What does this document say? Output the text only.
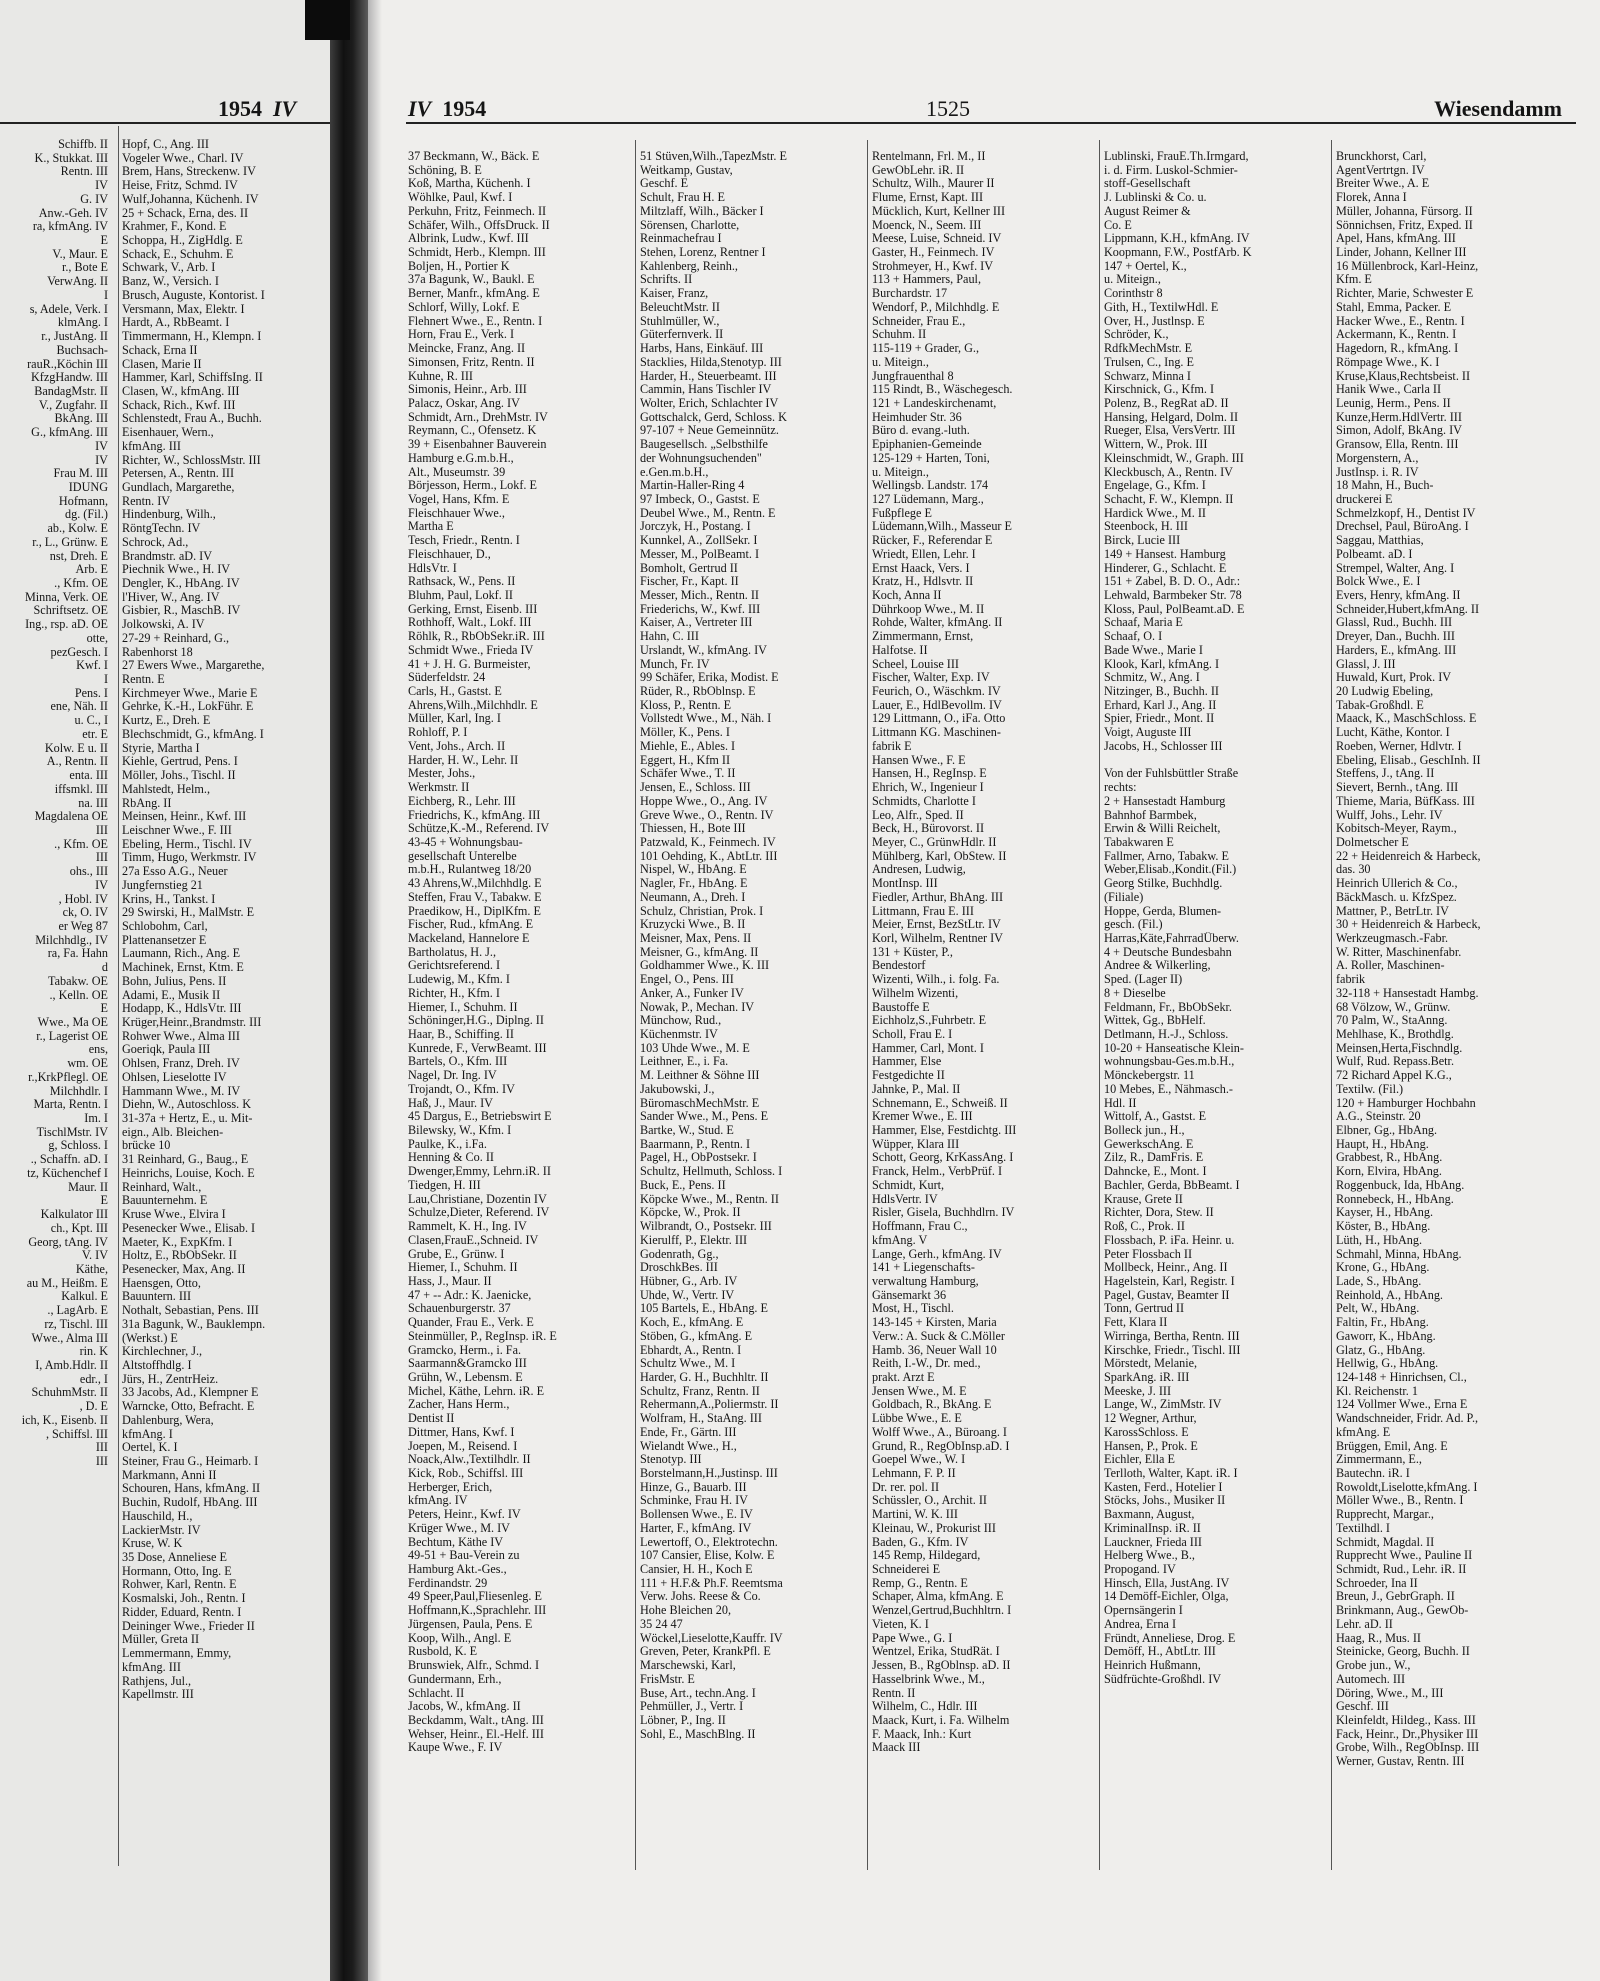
1954 IV
Schiffb. II
K., Stukkat. III
Rentn. III
IV
G. IV
Anw.-Geh. IV
ra, kfmAng. IV
E
V., Maur. E
r., Bote E
VerwAng. II
I
s, Adele, Verk. I
klmAng. I
r., JustAng. II
Buchsach-
rauR.,Köchin III
KfzgHandw. III
BandagMstr. II
V., Zugfahr. II
BkAng. III
G., kfmAng. III
IV
IV
Frau M. III
IDUNG
Hofmann,
dg. (Fil.)
ab., Kolw. E
r., L., Grünw. E
nst, Dreh. E
Arb. E
., Kfm. OE
Minna, Verk. OE
Schriftsetz. OE
Ing., rsp. aD. OE
otte,
pezGesch. I
Kwf. I
I
Pens. I
ene, Näh. II
u. C., I
etr. E
Kolw. E u. II
A., Rentn. II
enta. III
iffsmkl. III
na. III
Magdalena OE
III
., Kfm. OE
III
ohs., III
IV
, Hobl. IV
ck, O. IV
er Weg 87
Milchhdlg., IV
ra, Fa. Hahn
d
Tabakw. OE
., Kelln. OE
E
Wwe., Ma OE
r., Lagerist OE
ens,
wm. OE
r.,KrkPflegl. OE
Milchhdlr. I
Marta, Rentn. I
Im. I
TischlMstr. IV
g, Schloss. I
., Schaffn. aD. I
tz, Küchenchef I
Maur. II
E
Kalkulator III
ch., Kpt. III
Georg, tAng. IV
V. IV
Käthe,
au M., Heißm. E
Kalkul. E
., LagArb. E
rz, Tischl. III
Wwe., Alma III
rin. K
I, Amb.Hdlr. II
edr., I
SchuhmMstr. II
, D. E
ich, K., Eisenb. II
, Schiffsl. III
III
III
Hopf, C., Ang. III
Vogeler Wwe., Charl. IV
Brem, Hans, Streckenw. IV
Heise, Fritz, Schmd. IV
Wulf,Johanna, Küchenh. IV
25 + Schack, Erna, des. II
Krahmer, F., Kond. E
Schoppa, H., ZigHdlg. E
Schack, E., Schuhm. E
Schwark, V., Arb. I
Banz, W., Versich. I
Brusch, Auguste, Kontorist. I
Versmann, Max, Elektr. I
Hardt, A., RbBeamt. I
Timmermann, H., Klempn. I
Schack, Erna II
Clasen, Marie II
Hammer, Karl, SchiffsIng. II
Clasen, W., kfmAng. III
Schack, Rich., Kwf. III
Schlenstedt, Frau A., Buchh.
Eisenhauer, Wern.,
kfmAng. III
Richter, W., SchlossMstr. III
Petersen, A., Rentn. III
Gundlach, Margarethe,
Rentn. IV
Hindenburg, Wilh.,
RöntgTechn. IV
Schrock, Ad.,
Brandmstr. aD. IV
Piechnik Wwe., H. IV
Dengler, K., HbAng. IV
l'Hiver, W., Ang. IV
Gisbier, R., MaschB. IV
Jolkowski, A. IV
27-29 + Reinhard, G.,
Rabenhorst 18
27 Ewers Wwe., Margarethe,
Rentn. E
Kirchmeyer Wwe., Marie E
Gehrke, K.-H., LokFühr. E
Kurtz, E., Dreh. E
Blechschmidt, G., kfmAng. I
Styrie, Martha I
Kiehle, Gertrud, Pens. I
Möller, Johs., Tischl. II
Mahlstedt, Helm.,
RbAng. II
Meinsen, Heinr., Kwf. III
Leischner Wwe., F. III
Ebeling, Herm., Tischl. IV
Timm, Hugo, Werkmstr. IV
27a Esso A.G., Neuer
Jungfernstieg 21
Krins, H., Tankst. I
29 Swirski, H., MalMstr. E
Schlobohm, Carl,
Plattenansetzer E
Laumann, Rich., Ang. E
Machinek, Ernst, Ktm. E
Bohn, Julius, Pens. II
Adami, E., Musik II
Hodapp, K., HdlsVtr. III
Krüger,Heinr.,Brandmstr. III
Rohwer Wwe., Alma III
Goeriqk, Paula III
Ohlsen, Franz, Dreh. IV
Ohlsen, Lieselotte IV
Hammann Wwe., M. IV
Diehn, W., Autoschloss. K
31-37a + Hertz, E., u. Mit-
eign., Alb. Bleichen-
brücke 10
31 Reinhard, G., Baug., E
Heinrichs, Louise, Koch. E
Reinhard, Walt.,
Bauunternehm. E
Kruse Wwe., Elvira I
Pesenecker Wwe., Elisab. I
Maeter, K., ExpKfm. I
Holtz, E., RbObSekr. II
Pesenecker, Max, Ang. II
Haensgen, Otto,
Bauuntern. III
Nothalt, Sebastian, Pens. III
31a Bagunk, W., Bauklempn.
(Werkst.) E
Kirchlechner, J.,
Altstoffhdlg. I
Jürs, H., ZentrHeiz.
33 Jacobs, Ad., Klempner E
Warncke, Otto, Befracht. E
Dahlenburg, Wera,
kfmAng. I
Oertel, K. I
Steiner, Frau G., Heimarb. I
Markmann, Anni II
Schouren, Hans, kfmAng. II
Buchin, Rudolf, HbAng. III
Hauschild, H.,
LackierMstr. IV
Kruse, W. K
35 Dose, Anneliese E
Hormann, Otto, Ing. E
Rohwer, Karl, Rentn. E
Kosmalski, Joh., Rentn. I
Ridder, Eduard, Rentn. I
Deininger Wwe., Frieder II
Müller, Greta II
Lemmermann, Emmy,
kfmAng. III
Rathjens, Jul.,
Kapellmstr. III
IV 1954	1525	Wiesendamm
37 Beckmann, W., Bäck. E
Schöning, B. E
Koß, Martha, Küchenh. I
Wöhlke, Paul, Kwf. I
Perkuhn, Fritz, Feinmech. II
Schäfer, Wilh., OffsDruck. II
Albrink, Ludw., Kwf. III
Schmidt, Herb., Klempn. III
Boljen, H., Portier K
37a Bagunk, W., Baukl. E
Berner, Manfr., kfmAng. E
Schlorf, Willy, Lokf. E
Flehnert Wwe., E., Rentn. I
Horn, Frau E., Verk. I
Meincke, Franz, Ang. II
Simonsen, Fritz, Rentn. II
Kuhne, R. III
Simonis, Heinr., Arb. III
Palacz, Oskar, Ang. IV
Schmidt, Arn., DrehMstr. IV
Reymann, C., Ofensetz. K
39 + Eisenbahner Bauverein
Hamburg e.G.m.b.H.,
Alt., Museumstr. 39
Börjesson, Herm., Lokf. E
Vogel, Hans, Kfm. E
Fleischhauer Wwe.,
Martha E
Tesch, Friedr., Rentn. I
Fleischhauer, D.,
HdlsVtr. I
Rathsack, W., Pens. II
Bluhm, Paul, Lokf. II
Gerking, Ernst, Eisenb. III
Rothhoff, Walt., Lokf. III
Röhlk, R., RbObSekr.iR. III
Schmidt Wwe., Frieda IV
41 + J. H. G. Burmeister,
Süderfeldstr. 24
Carls, H., Gastst. E
Ahrens,Wilh.,Milchhdlr. E
Müller, Karl, Ing. I
Rohloff, P. I
Vent, Johs., Arch. II
Harder, H. W., Lehr. II
Mester, Johs.,
Werkmstr. II
Eichberg, R., Lehr. III
Friedrichs, K., kfmAng. III
Schütze,K.-M., Referend. IV
43-45 + Wohnungsbau-
gesellschaft Unterelbe
m.b.H., Rulantweg 18/20
43 Ahrens,W.,Milchhdlg. E
Steffen, Frau V., Tabakw. E
Praedikow, H., DiplKfm. E
Fischer, Rud., kfmAng. E
Mackeland, Hannelore E
Bartholatus, H. J.,
Gerichtsreferend. I
Ludewig, M., Kfm. I
Richter, H., Kfm. I
Hiemer, I., Schuhm. II
Schöninger,H.G., Diplng. II
Haar, B., Schiffing. II
Kunrede, F., VerwBeamt. III
Bartels, O., Kfm. III
Nagel, Dr. Ing. IV
Trojandt, O., Kfm. IV
Haß, J., Maur. IV
45 Dargus, E., Betriebswirt E
Bilewsky, W., Kfm. I
Paulke, K., i.Fa.
Henning & Co. II
Dwenger,Emmy, Lehrn.iR. II
Tiedgen, H. III
Lau,Christiane, Dozentin IV
Schulze,Dieter, Referend. IV
Rammelt, K. H., Ing. IV
Clasen,FrauE.,Schneid. IV
Grube, E., Grünw. I
Hiemer, I., Schuhm. II
Hass, J., Maur. II
47 + -- Adr.: K. Jaenicke,
Schauenburgerstr. 37
Quander, Frau E., Verk. E
Steinmüller, P., RegInsp. iR. E
Gramcko, Herm., i. Fa.
Saarmann&Gramcko III
Grühn, W., Lebensm. E
Michel, Käthe, Lehrn. iR. E
Zacher, Hans Herm.,
Dentist II
Dittmer, Hans, Kwf. I
Joepen, M., Reisend. I
Noack,Alw.,Textilhdlr. II
Kick, Rob., Schiffsl. III
Herberger, Erich,
kfmAng. IV
Peters, Heinr., Kwf. IV
Krüger Wwe., M. IV
Bechtum, Käthe IV
49-51 + Bau-Verein zu
Hamburg Akt.-Ges.,
Ferdinandstr. 29
49 Speer,Paul,Fliesenleg. E
Hoffmann,K.,Sprachlehr. III
Jürgensen, Paula, Pens. E
Koop, Wilh., Angl. E
Rusbold, K. E
Brunswiek, Alfr., Schmd. I
Gundermann, Erh.,
Schlacht. II
Jacobs, W., kfmAng. II
Beckdamm, Walt., tAng. III
Wehser, Heinr., El.-Helf. III
Kaupe Wwe., F. IV
51 Stüven,Wilh.,TapezMstr. E
Weitkamp, Gustav,
Geschf. E
Schult, Frau H. E
Miltzlaff, Wilh., Bäcker I
Sörensen, Charlotte,
Reinmachefrau I
Stehen, Lorenz, Rentner I
Kahlenberg, Reinh.,
Schrifts. II
Kaiser, Franz,
BeleuchtMstr. II
Stuhlmüller, W.,
Güterfernverk. II
Harbs, Hans, Einkäuf. III
Stacklies, Hilda,Stenotyp. III
Harder, H., Steuerbeamt. III
Cammin, Hans Tischler IV
Wolter, Erich, Schlachter IV
Gottschalck, Gerd, Schloss. K
97-107 + Neue Gemeinnütz.
Baugesellsch. „Selbsthilfe
der Wohnungsuchenden"
e.Gen.m.b.H.,
Martin-Haller-Ring 4
97 Imbeck, O., Gastst. E
Deubel Wwe., M., Rentn. E
Jorczyk, H., Postang. I
Kunnkel, A., ZollSekr. I
Messer, M., PolBeamt. I
Bomholt, Gertrud II
Fischer, Fr., Kapt. II
Messer, Mich., Rentn. II
Friederichs, W., Kwf. III
Kaiser, A., Vertreter III
Hahn, C. III
Urslandt, W., kfmAng. IV
Munch, Fr. IV
99 Schäfer, Erika, Modist. E
Rüder, R., RbOblnsp. E
Kloss, P., Rentn. E
Vollstedt Wwe., M., Näh. I
Möller, K., Pens. I
Miehle, E., Ables. I
Eggert, H., Kfm II
Schäfer Wwe., T. II
Jensen, E., Schloss. III
Hoppe Wwe., O., Ang. IV
Greve Wwe., O., Rentn. IV
Thiessen, H., Bote III
Patzwald, K., Feinmech. IV
101 Oehding, K., AbtLtr. III
Nispel, W., HbAng. E
Nagler, Fr., HbAng. E
Neumann, A., Dreh. I
Schulz, Christian, Prok. I
Kruzycki Wwe., B. II
Meisner, Max, Pens. II
Meisner, G., kfmAng. II
Goldhammer Wwe., K. III
Engel, O., Pens. III
Anker, A., Funker IV
Nowak, P., Mechan. IV
Münchow, Rud.,
Küchenmstr. IV
103 Uhde Wwe., M. E
Leithner, E., i. Fa.
M. Leithner & Söhne III
Jakubowski, J.,
BüromaschMechMstr. E
Sander Wwe., M., Pens. E
Bartke, W., Stud. E
Baarmann, P., Rentn. I
Pagel, H., ObPostsekr. I
Schultz, Hellmuth, Schloss. I
Buck, E., Pens. II
Köpcke Wwe., M., Rentn. II
Köpcke, W., Prok. II
Wilbrandt, O., Postsekr. III
Kierulff, P., Elektr. III
Godenrath, Gg.,
DroschkBes. III
Hübner, G., Arb. IV
Uhde, W., Vertr. IV
105 Bartels, E., HbAng. E
Koch, E., kfmAng. E
Stöben, G., kfmAng. E
Ebhardt, A., Rentn. I
Schultz Wwe., M. I
Harder, G. H., Buchhltr. II
Schultz, Franz, Rentn. II
Rehermann,A.,Poliermstr. II
Wolfram, H., StaAng. III
Ende, Fr., Gärtn. III
Wielandt Wwe., H.,
Stenotyp. III
Borstelmann,H.,Justinsp. III
Hinze, G., Bauarb. III
Schminke, Frau H. IV
Bollensen Wwe., E. IV
Harter, F., kfmAng. IV
Lewertoff, O., Elektrotechn.
107 Cansier, Elise, Kolw. E
Cansier, H. H., Koch E
111 + H.F.& Ph.F. Reemtsma
Verw. Johs. Reese & Co.
Hohe Bleichen 20,
35 24 47
Wöckel,Lieselotte,Kauffr. IV
Greven, Peter, KrankPfl. E
Marschewski, Karl,
FrisMstr. E
Buse, Art., techn.Ang. I
Pehmüller, J., Vertr. I
Löbner, P., Ing. II
Sohl, E., MaschBlng. II
Rentelmann, Frl. M., II
GewObLehr. iR. II
Schultz, Wilh., Maurer II
Flume, Ernst, Kapt. III
Mücklich, Kurt, Kellner III
Moenck, N., Seem. III
Meese, Luise, Schneid. IV
Gaster, H., Feinmech. IV
Strohmeyer, H., Kwf. IV
113 + Hammers, Paul,
Burchardstr. 17
Wendorf, P., Milchhdlg. E
Schneider, Frau E.,
Schuhm. II
115-119 + Grader, G.,
u. Miteign.,
Jungfrauenthal 8
115 Rindt, B., Wäschegesch.
121 + Landeskirchenamt,
Heimhuder Str. 36
Büro d. evang.-luth.
Epiphanien-Gemeinde
125-129 + Harten, Toni,
u. Miteign.,
Wellingsb. Landstr. 174
127 Lüdemann, Marg.,
Fußpflege E
Lüdemann,Wilh., Masseur E
Rücker, F., Referendar E
Wriedt, Ellen, Lehr. I
Ernst Haack, Vers. I
Kratz, H., Hdlsvtr. II
Koch, Anna II
Dührkoop Wwe., M. II
Rohde, Walter, kfmAng. II
Zimmermann, Ernst,
Halfotse. II
Scheel, Louise III
Fischer, Walter, Exp. IV
Feurich, O., Wäschkm. IV
Lauer, E., HdlBevollm. IV
129 Littmann, O., iFa. Otto
Littmann KG. Maschinen-
fabrik E
Hansen Wwe., F. E
Hansen, H., RegInsp. E
Ehrich, W., Ingenieur I
Schmidts, Charlotte I
Leo, Alfr., Sped. II
Beck, H., Bürovorst. II
Meyer, C., GrünwHdlr. II
Mühlberg, Karl, ObStew. II
Andresen, Ludwig,
MontInsp. III
Fiedler, Arthur, BhAng. III
Littmann, Frau E. III
Meier, Ernst, BezStLtr. IV
Korl, Wilhelm, Rentner IV
131 + Küster, P.,
Bendestorf
Wizenti, Wilh., i. folg. Fa.
Wilhelm Wizenti,
Baustoffe E
Eichholz,S.,Fuhrbetr. E
Scholl, Frau E. I
Hammer, Carl, Mont. I
Hammer, Else
Festgedichte II
Jahnke, P., Mal. II
Schnemann, E., Schweiß. II
Kremer Wwe., E. III
Hammer, Else, Festdichtg. III
Wüpper, Klara III
Schott, Georg, KrKassAng. I
Franck, Helm., VerbPrüf. I
Schmidt, Kurt,
HdlsVertr. IV
Risler, Gisela, Buchhdlrn. IV
Hoffmann, Frau C.,
kfmAng. V
Lange, Gerh., kfmAng. IV
141 + Liegenschafts-
verwaltung Hamburg,
Gänsemarkt 36
Most, H., Tischl.
143-145 + Kirsten, Maria
Verw.: A. Suck & C.Möller
Hamb. 36, Neuer Wall 10
Reith, I.-W., Dr. med.,
prakt. Arzt E
Jensen Wwe., M. E
Goldbach, R., BkAng. E
Lübbe Wwe., E. E
Wolff Wwe., A., Büroang. I
Grund, R., RegObInsp.aD. I
Goepel Wwe., W. I
Lehmann, F. P. II
Dr. rer. pol. II
Schüssler, O., Archit. II
Martini, W. K. III
Kleinau, W., Prokurist III
Baden, G., Kfm. IV
145 Remp, Hildegard,
Schneiderei E
Remp, G., Rentn. E
Schaper, Alma, kfmAng. E
Wenzel,Gertrud,Buchhltrn. I
Vieten, K. I
Pape Wwe., G. I
Wentzel, Erika, StudRät. I
Jessen, B., RgOblnsp. aD. II
Hasselbrink Wwe., M.,
Rentn. II
Wilhelm, C., Hdlr. III
Maack, Kurt, i. Fa. Wilhelm
F. Maack, Inh.: Kurt
Maack III
Lublinski, FrauE.Th.Irmgard,
i. d. Firm. Luskol-Schmier-
stoff-Gesellschaft
J. Lublinski & Co. u.
August Reimer &
Co. E
Lippmann, K.H., kfmAng. IV
Koopmann, F.W., PostfArb. K
147 + Oertel, K.,
u. Miteign.,
Corinthstr 8
Gith, H., TextilwHdl. E
Over, H., Justlnsp. E
Schröder, K.,
RdfkMechMstr. E
Trulsen, C., Ing. E
Schwarz, Minna I
Kirschnick, G., Kfm. I
Polenz, B., RegRat aD. II
Hansing, Helgard, Dolm. II
Rueger, Elsa, VersVertr. III
Wittern, W., Prok. III
Kleinschmidt, W., Graph. III
Kleckbusch, A., Rentn. IV
Engelage, G., Kfm. I
Schacht, F. W., Klempn. II
Hardick Wwe., M. II
Steenbock, H. III
Birck, Lucie III
149 + Hansest. Hamburg
Hinderer, G., Schlacht. E
151 + Zabel, B. D. O., Adr.:
Lehwald, Barmbeker Str. 78
Kloss, Paul, PolBeamt.aD. E
Schaaf, Maria E
Schaaf, O. I
Bade Wwe., Marie I
Klook, Karl, kfmAng. I
Schmitz, W., Ang. I
Nitzinger, B., Buchh. II
Erhard, Karl J., Ang. II
Spier, Friedr., Mont. II
Voigt, Auguste III
Jacobs, H., Schlosser III
Von der Fuhlsbüttler Straße
rechts:
2 + Hansestadt Hamburg
Bahnhof Barmbek,
Erwin & Willi Reichelt,
Tabakwaren E
Fallmer, Arno, Tabakw. E
Weber,Elisab.,Kondit.(Fil.)
Georg Stilke, Buchhdlg.
(Filiale)
Hoppe, Gerda, Blumen-
gesch. (Fil.)
Harras,Käte,FahrradÜberw.
4 + Deutsche Bundesbahn
Andree & Wilkerling,
Sped. (Lager II)
8 + Dieselbe
Feldmann, Fr., BbObSekr.
Wittek, Gg., BbHelf.
Detlmann, H.-J., Schloss.
10-20 + Hanseatische Klein-
wohnungsbau-Ges.m.b.H.,
Mönckebergstr. 11
10 Mebes, E., Nähmasch.-
Hdl. II
Wittolf, A., Gastst. E
Bolleck jun., H.,
GewerkschAng. E
Zilz, R., DamFris. E
Dahncke, E., Mont. I
Bachler, Gerda, BbBeamt. I
Krause, Grete II
Richter, Dora, Stew. II
Roß, C., Prok. II
Flossbach, P. iFa. Heinr. u.
Peter Flossbach II
Mollbeck, Heinr., Ang. II
Hagelstein, Karl, Registr. I
Pagel, Gustav, Beamter II
Tonn, Gertrud II
Fett, Klara II
Wirringa, Bertha, Rentn. III
Kirschke, Friedr., Tischl. III
Mörstedt, Melanie,
SparkAng. iR. III
Meeske, J. III
Lange, W., ZimMstr. IV
12 Wegner, Arthur,
KarossSchloss. E
Hansen, P., Prok. E
Eichler, Ella E
Terlloth, Walter, Kapt. iR. I
Kasten, Ferd., Hotelier I
Stöcks, Johs., Musiker II
Baxmann, August,
KriminalInsp. iR. II
Lauckner, Frieda III
Helberg Wwe., B.,
Propogand. IV
Hinsch, Ella, JustAng. IV
14 Demöff-Eichler, Olga,
Opernsängerin I
Andrea, Erna I
Fründt, Anneliese, Drog. E
Demöff, H., AbtLtr. III
Heinrich Hußmann,
Südfrüchte-Großhdl. IV
Brunckhorst, Carl,
AgentVertrtgn. IV
Breiter Wwe., A. E
Florek, Anna I
Müller, Johanna, Fürsorg. II
Sönnichsen, Fritz, Exped. II
Apel, Hans, kfmAng. III
Linder, Johann, Kellner III
16 Müllenbrock, Karl-Heinz,
Kfm. E
Richter, Marie, Schwester E
Stahl, Emma, Packer. E
Hacker Wwe., E., Rentn. I
Ackermann, K., Rentn. I
Hagedorn, R., kfmAng. I
Römpage Wwe., K. I
Kruse,Klaus,Rechtsbeist. II
Hanik Wwe., Carla II
Leunig, Herm., Pens. II
Kunze,Herm.HdlVertr. III
Simon, Adolf, BkAng. IV
Gransow, Ella, Rentn. III
Morgenstern, A.,
JustInsp. i. R. IV
18 Mahn, H., Buch-
druckerei E
Schmelzkopf, H., Dentist IV
Drechsel, Paul, BüroAng. I
Saggau, Matthias,
Polbeamt. aD. I
Strempel, Walter, Ang. I
Bolck Wwe., E. I
Evers, Henry, kfmAng. II
Schneider,Hubert,kfmAng. II
Glassl, Rud., Buchh. III
Dreyer, Dan., Buchh. III
Harders, E., kfmAng. III
Glassl, J. III
Huwald, Kurt, Prok. IV
20 Ludwig Ebeling,
Tabak-Großhdl. E
Maack, K., MaschSchloss. E
Lucht, Käthe, Kontor. I
Roeben, Werner, Hdlvtr. I
Ebeling, Elisab., GeschInh. II
Steffens, J., tAng. II
Sievert, Bernh., tAng. III
Thieme, Maria, BüfKass. III
Wulff, Johs., Lehr. IV
Kobitsch-Meyer, Raym.,
Dolmetscher E
22 + Heidenreich & Harbeck,
das. 30
Heinrich Ullerich & Co.,
BäckMasch. u. KfzSpez.
Mattner, P., BetrLtr. IV
30 + Heidenreich & Harbeck,
Werkzeugmasch.-Fabr.
W. Ritter, Maschinenfabr.
A. Roller, Maschinen-
fabrik
32-118 + Hansestadt Hambg.
68 Völzow, W., Grünw.
70 Palm, W., StaAnng.
Mehlhase, K., Brothdlg.
Meinsen,Herta,Fischndlg.
Wulf, Rud. Repass.Betr.
72 Richard Appel K.G.,
Textilw. (Fil.)
120 + Hamburger Hochbahn
A.G., Steinstr. 20
Elbner, Gg., HbAng.
Haupt, H., HbAng.
Grabbest, R., HbAng.
Korn, Elvira, HbAng.
Roggenbuck, Ida, HbAng.
Ronnebeck, H., HbAng.
Kayser, H., HbAng.
Köster, B., HbAng.
Lüth, H., HbAng.
Schmahl, Minna, HbAng.
Krone, G., HbAng.
Lade, S., HbAng.
Reinhold, A., HbAng.
Pelt, W., HbAng.
Faltin, Fr., HbAng.
Gaworr, K., HbAng.
Glatz, G., HbAng.
Hellwig, G., HbAng.
124-148 + Hinrichsen, Cl.,
Kl. Reichenstr. 1
124 Vollmer Wwe., Erna E
Wandschneider, Fridr. Ad. P.,
kfmAng. E
Brüggen, Emil, Ang. E
Zimmermann, E.,
Bautechn. iR. I
Rowoldt,Liselotte,kfmAng. I
Möller Wwe., B., Rentn. I
Rupprecht, Margar.,
Textilhdl. I
Schmidt, Magdal. II
Rupprecht Wwe., Pauline II
Schmidt, Rud., Lehr. iR. II
Schroeder, Ina II
Breun, J., GebrGraph. II
Brinkmann, Aug., GewOb-
Lehr. aD. II
Haag, R., Mus. II
Steinicke, Georg, Buchh. II
Grobe jun., W.,
Automech. III
Döring, Wwe., M., III
Geschf. III
Kleinfeldt, Hildeg., Kass. III
Fack, Heinr., Dr.,Physiker III
Grobe, Wilh., RegObInsp. III
Werner, Gustav, Rentn. III
